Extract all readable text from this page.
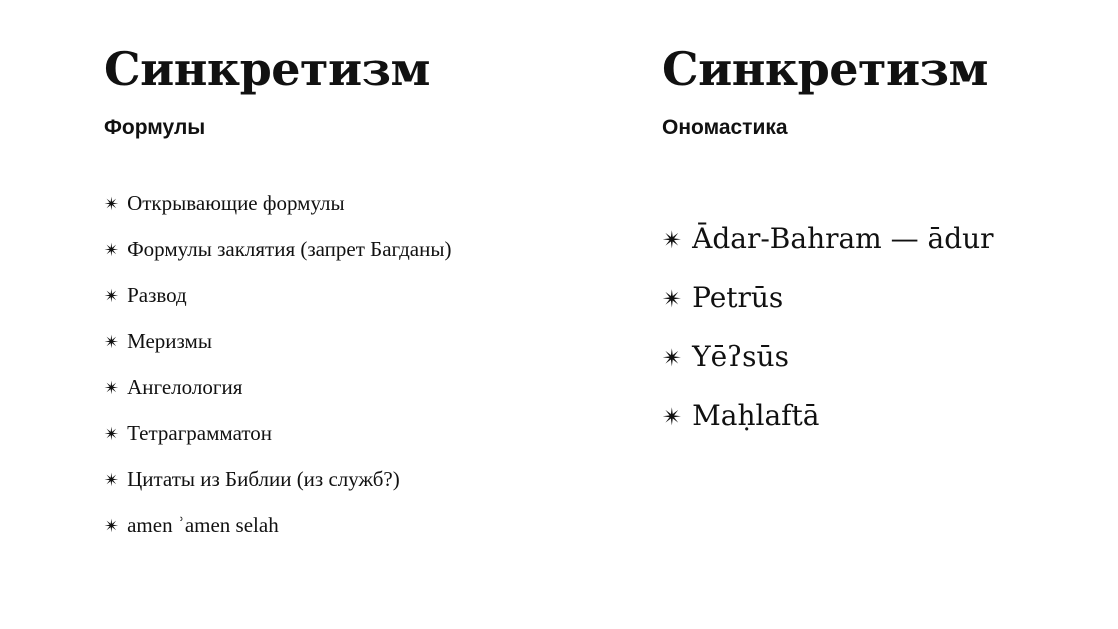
Синкретизм
Формулы
✴ Открывающие формулы
✴ Формулы заклятия (запрет Багданы)
✴ Развод
✴ Меризмы
✴ Ангелология
✴ Тетраграмматон
✴ Цитаты из Библии (из служб?)
✴ amen ʾamen selah
Синкретизм
Ономастика
✴ Ādar-Bahram — ādur
✴ Petrūs
✴ Yēʔsūs
✴ Maḥlaftā
